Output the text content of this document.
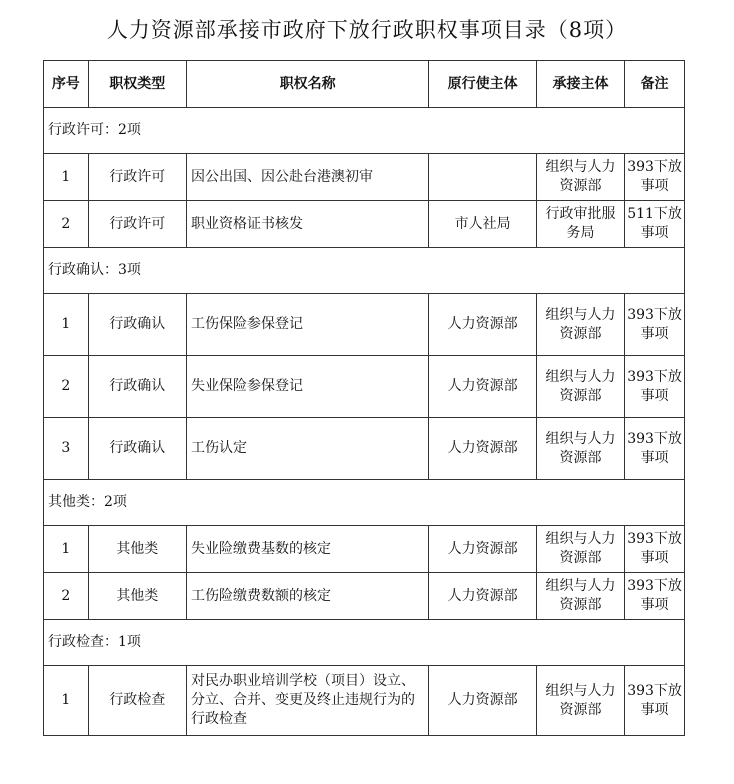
人力资源部承接市政府下放行政职权事项目录（8项）
序号	职权类型	职权名称	原行使主体	承接主体	备注
行政许可：2项					
1	行政许可	因公出国、因公赴台港澳初审		组织与人力资源部	393下放事项
2	行政许可	职业资格证书核发	市人社局	行政审批服务局	511下放事项
行政确认：3项					
1	行政确认	工伤保险参保登记	人力资源部	组织与人力资源部	393下放事项
2	行政确认	失业保险参保登记	人力资源部	组织与人力资源部	393下放事项
3	行政确认	工伤认定	人力资源部	组织与人力资源部	393下放事项
其他类：2项					
1	其他类	失业险缴费基数的核定	人力资源部	组织与人力资源部	393下放事项
2	其他类	工伤险缴费数额的核定	人力资源部	组织与人力资源部	393下放事项
行政检查：1项					
1	行政检查	对民办职业培训学校（项目）设立、分立、合并、变更及终止违规行为的行政检查	人力资源部	组织与人力资源部	393下放事项
